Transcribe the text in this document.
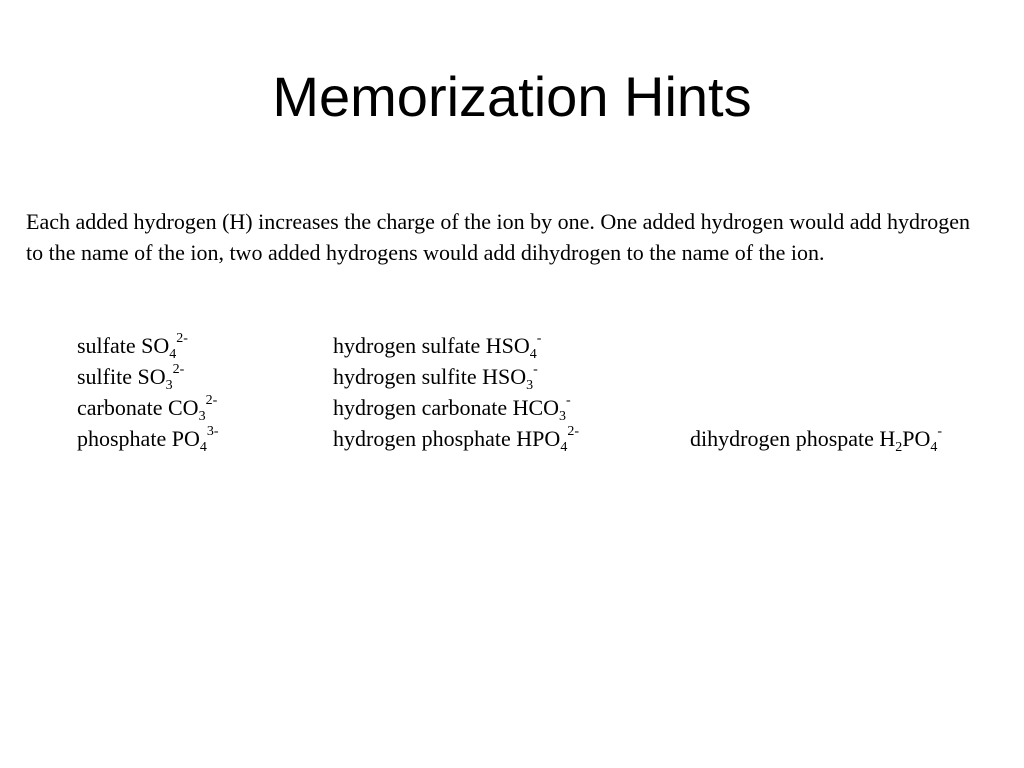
Memorization Hints

Each added hydrogen (H) increases the charge of the ion by one. One added hydrogen would add hydrogen to the name of the ion, two added hydrogens would add dihydrogen to the name of the ion.

sulfate $SO_4^{2-}$	hydrogen sulfate $HSO_4^-$
sulfite $SO_3^{2-}$	hydrogen sulfite $HSO_3^-$
carbonate $CO_3^{2-}$	hydrogen carbonate $HCO_3^-$
phosphate $PO_4^{3-}$	hydrogen phosphate $HPO_4^{2-}$	dihydrogen phospate $H_2PO_4^-$
